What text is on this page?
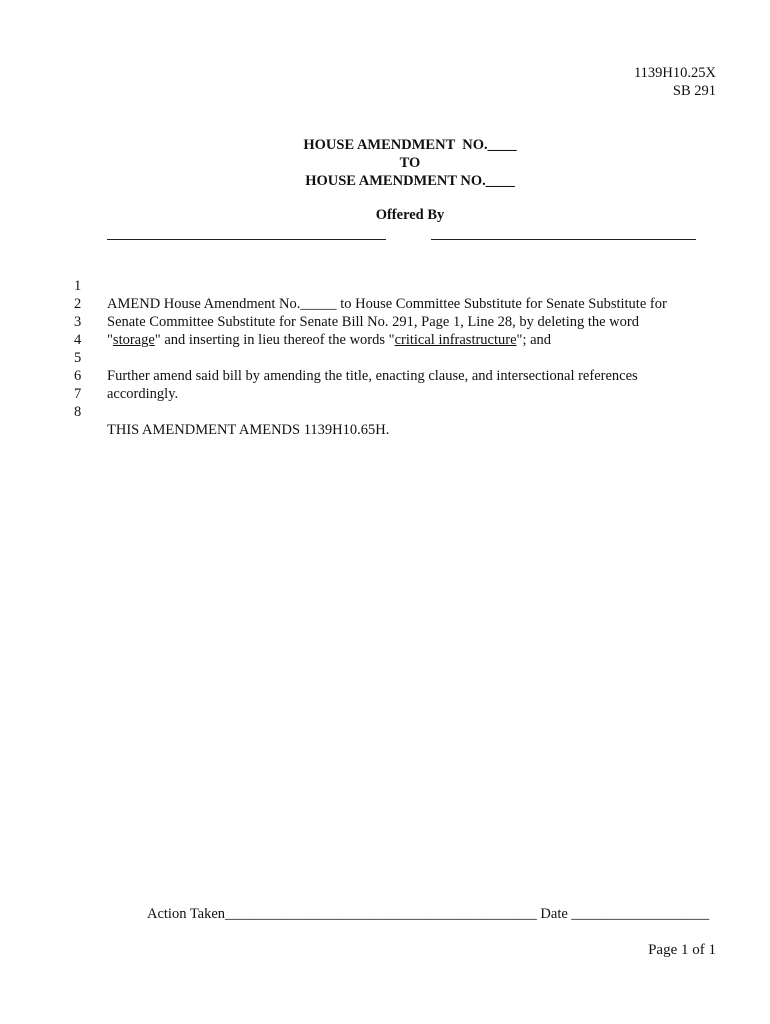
1139H10.25X
SB 291
HOUSE AMENDMENT  NO.____
TO
HOUSE AMENDMENT NO.____
Offered By

1

AMEND House Amendment No._____ to House Committee Substitute for Senate Substitute for

2

Senate Committee Substitute for Senate Bill No. 291, Page 1, Line 28, by deleting the word

3

"storage" and inserting in lieu thereof the words "critical infrastructure"; and

4

5

Further amend said bill by amending the title, enacting clause, and intersectional references

6

accordingly.

7

8

THIS AMENDMENT AMENDS 1139H10.65H.

Action Taken___________________________________________ Date ___________________
Page 1 of 1
